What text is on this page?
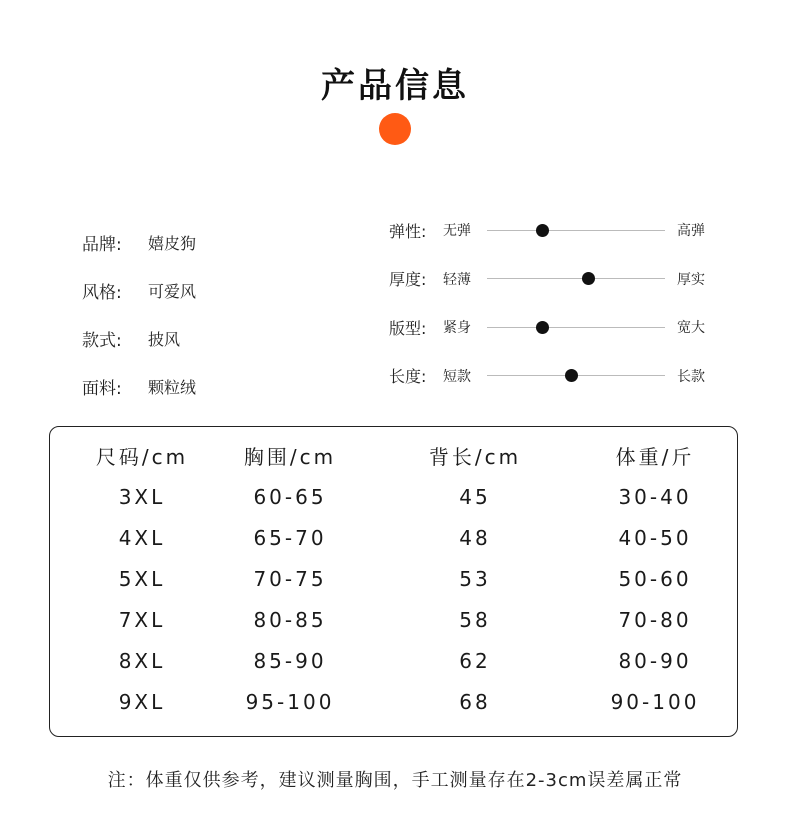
产品信息
品牌:	嬉皮狗
风格:	可爱风
款式:	披风
面料:	颗粒绒
弹性:	无弹	高弹
厚度:	轻薄	厚实
版型:	紧身	宽大
长度:	短款	长款
尺码/cm	胸围/cm	背长/cm	体重/斤
3XL	60-65	45	30-40
4XL	65-70	48	40-50
5XL	70-75	53	50-60
7XL	80-85	58	70-80
8XL	85-90	62	80-90
9XL	95-100	68	90-100
注：体重仅供参考，建议测量胸围，手工测量存在2-3cm误差属正常
